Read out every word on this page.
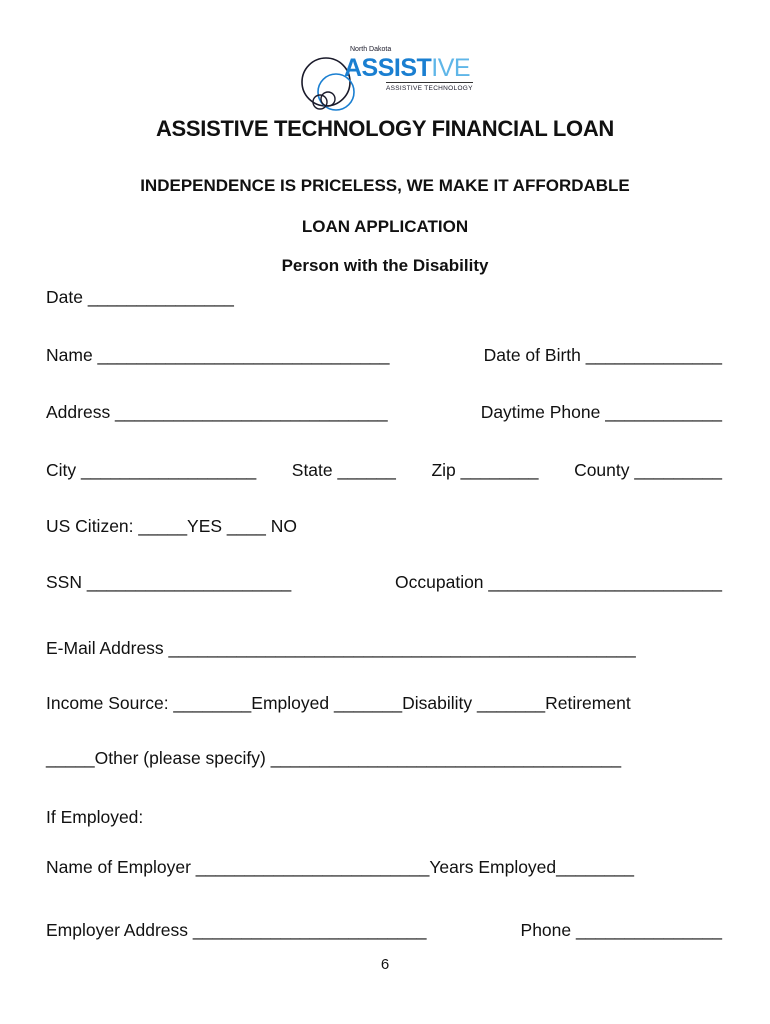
North Dakota
ASSISTIVE
ASSISTIVE TECHNOLOGY
ASSISTIVE TECHNOLOGY FINANCIAL LOAN
INDEPENDENCE IS PRICELESS, WE MAKE IT AFFORDABLE
LOAN APPLICATION
Person with the Disability
Date _______________
Name ______________________________	Date of Birth ______________
Address ____________________________	Daytime Phone ____________
City __________________ State ______ Zip ________ County _________
US Citizen: _____YES ____ NO
SSN _____________________	Occupation ________________________
E-Mail Address ________________________________________________
Income Source: ________Employed _______Disability _______Retirement
_____Other (please specify) ____________________________________
If Employed:
Name of Employer ________________________Years Employed________
Employer Address ________________________	Phone _______________
6
